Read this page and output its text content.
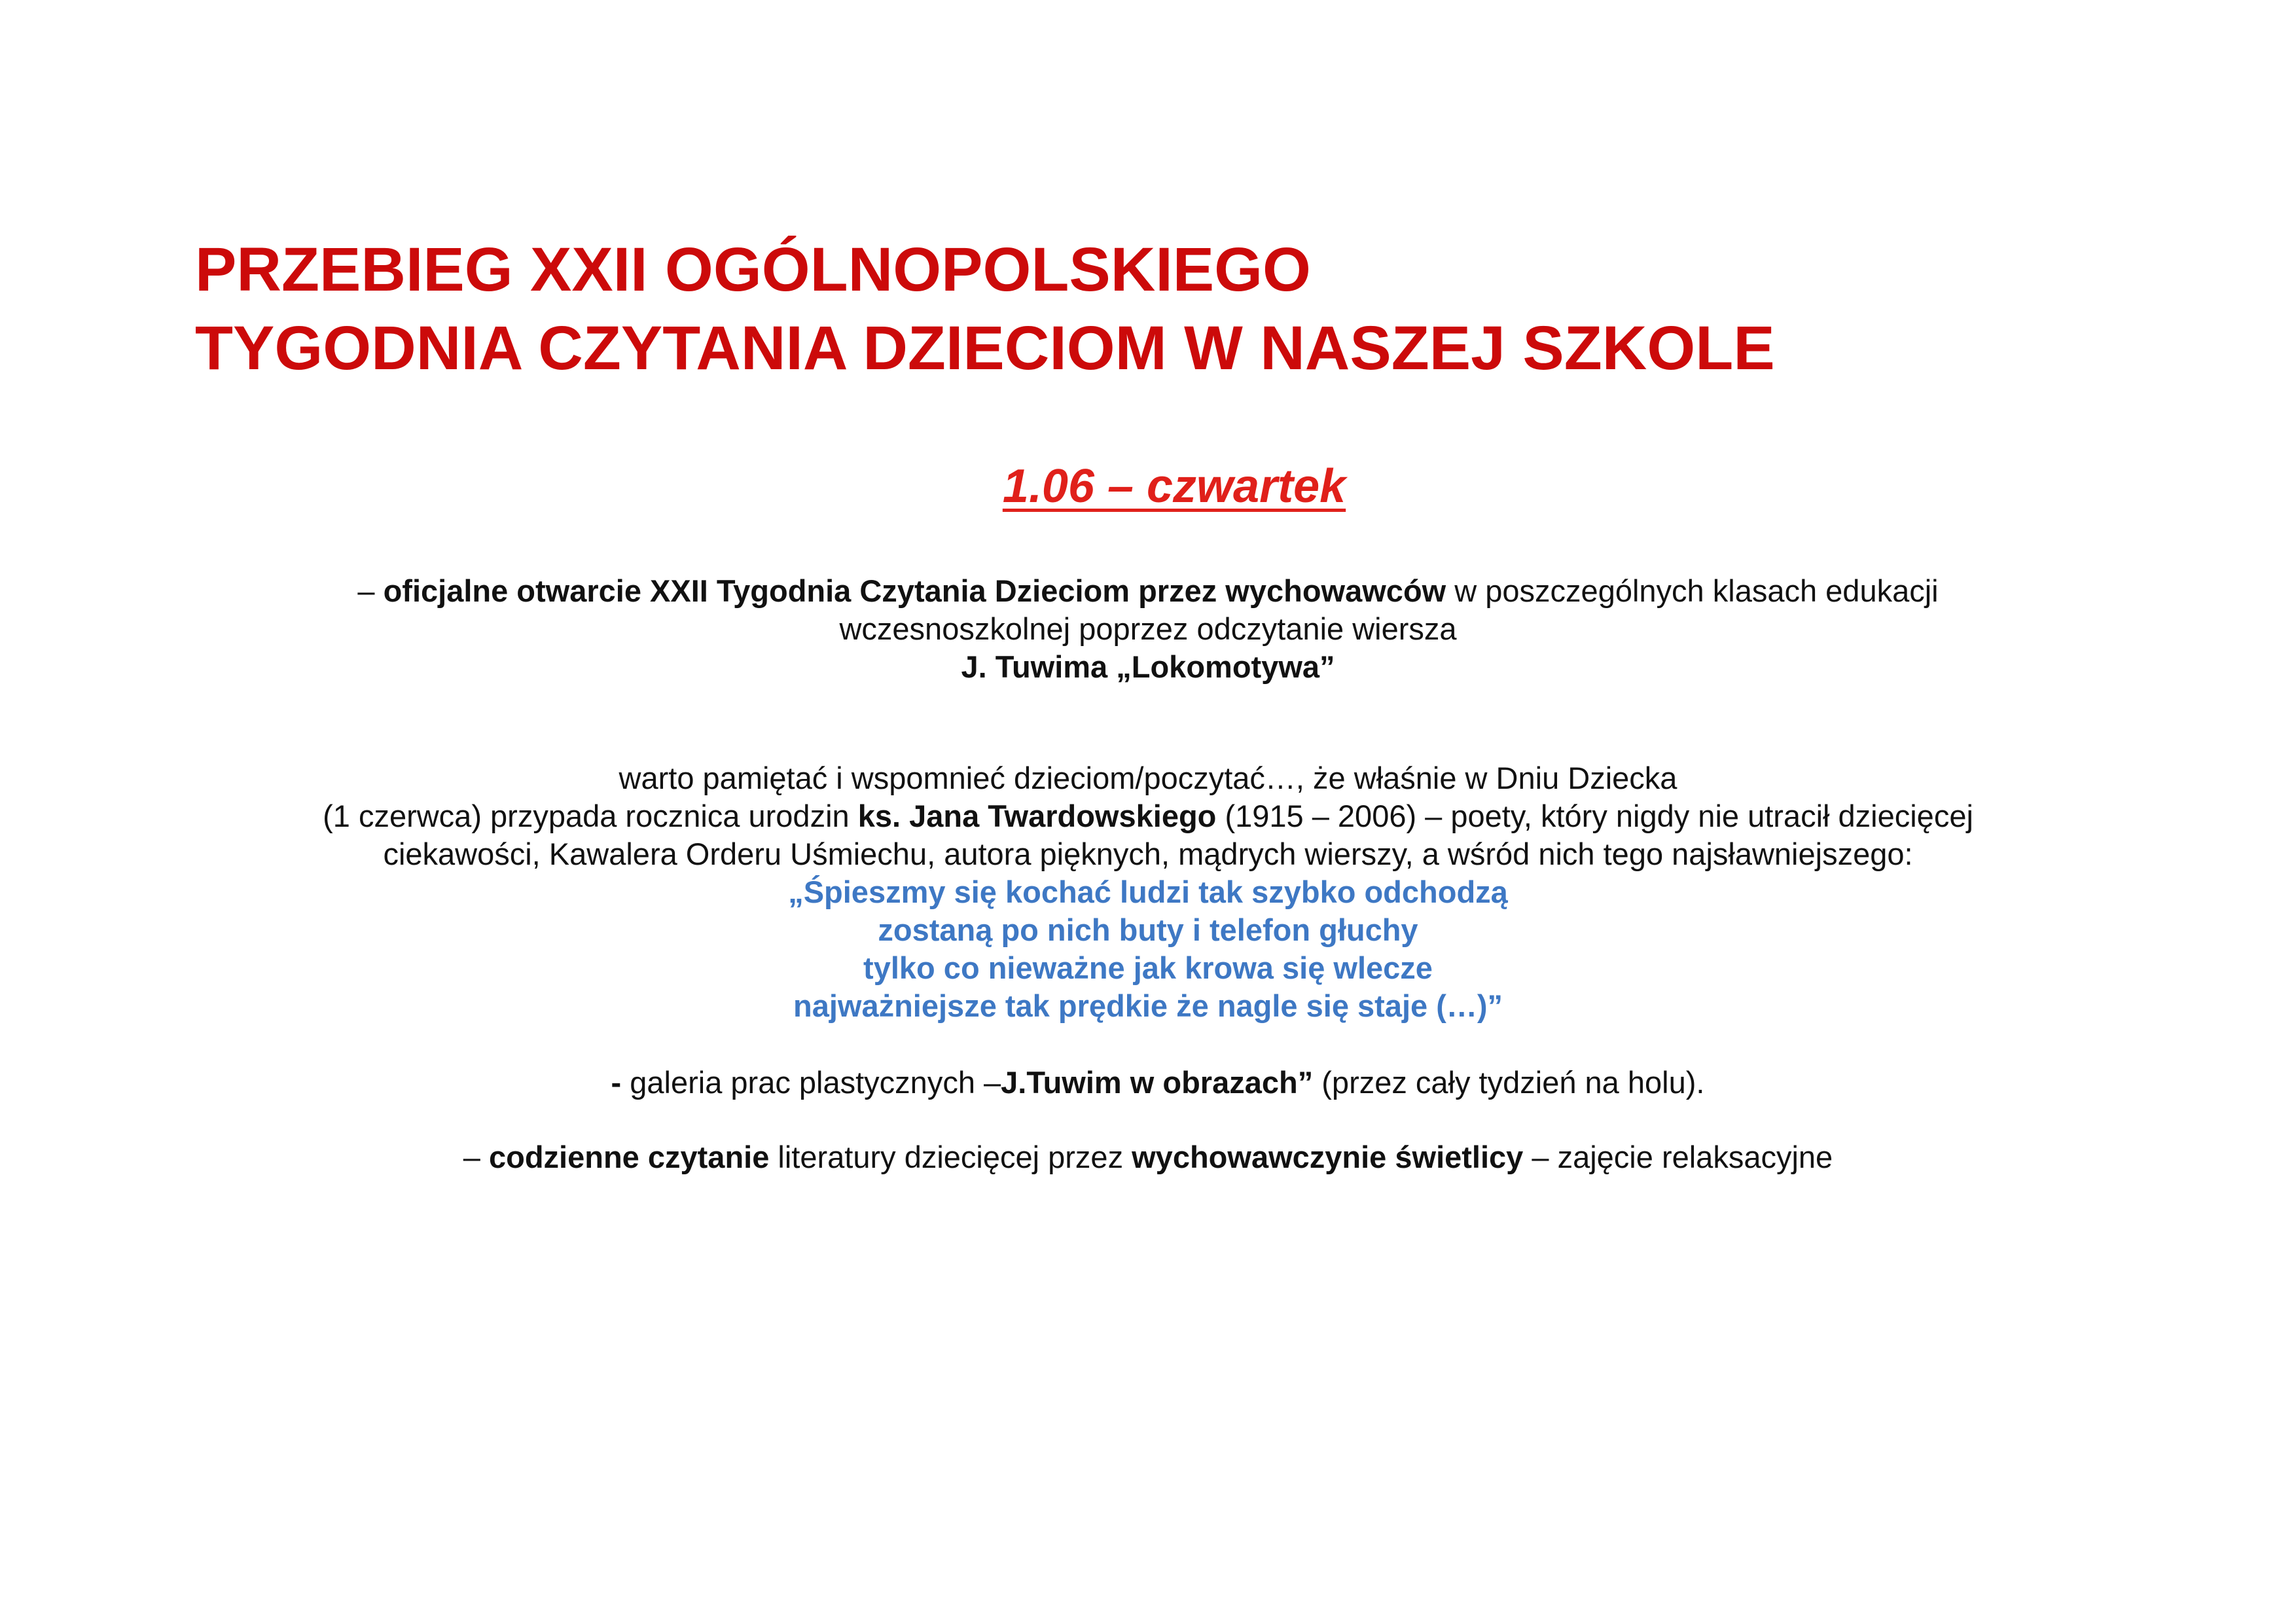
PRZEBIEG XXII OGÓLNOPOLSKIEGO
TYGODNIA CZYTANIA DZIECIOM W NASZEJ SZKOLE
1.06 – czwartek
– oficjalne otwarcie XXII Tygodnia Czytania Dzieciom przez wychowawców w poszczególnych klasach edukacji
wczesnoszkolnej poprzez odczytanie wiersza
J. Tuwima „Lokomotywa”
warto pamiętać i wspomnieć dzieciom/poczytać…, że właśnie w Dniu Dziecka
(1 czerwca) przypada rocznica urodzin ks. Jana Twardowskiego (1915 – 2006) – poety, który nigdy nie utracił dziecięcej
ciekawości, Kawalera Orderu Uśmiechu, autora pięknych, mądrych wierszy, a wśród nich tego najsławniejszego:
„Śpieszmy się kochać ludzi tak szybko odchodzą
zostaną po nich buty i telefon głuchy
tylko co nieważne jak krowa się wlecze
najważniejsze tak prędkie że nagle się staje (…)”
- galeria prac plastycznych –J.Tuwim w obrazach” (przez cały tydzień na holu).
– codzienne czytanie literatury dziecięcej przez wychowawczynie świetlicy – zajęcie relaksacyjne
